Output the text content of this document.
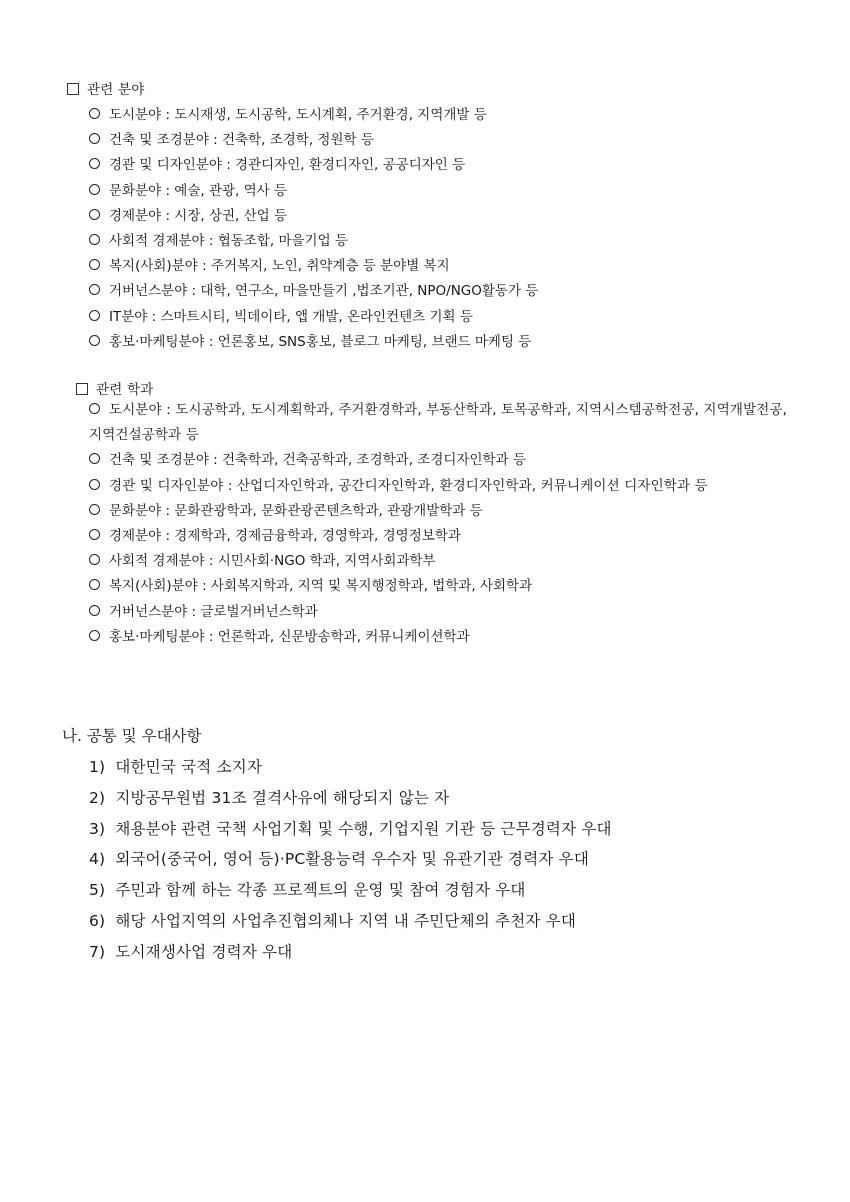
관련 분야
도시분야 : 도시재생, 도시공학, 도시계획, 주거환경, 지역개발 등
건축 및 조경분야 : 건축학, 조경학, 정원학 등
경관 및 디자인분야 : 경관디자인, 환경디자인, 공공디자인 등
문화분야 : 예술, 관광, 역사 등
경제분야 : 시장, 상권, 산업 등
사회적 경제분야 : 협동조합, 마을기업 등
복지(사회)분야 : 주거복지, 노인, 취약계층 등 분야별 복지
거버넌스분야 : 대학, 연구소, 마을만들기 ,법조기관, NPO/NGO활동가 등
IT분야 : 스마트시티, 빅데이타, 앱 개발, 온라인컨텐츠 기획 등
홍보·마케팅분야 : 언론홍보, SNS홍보, 블로그 마케팅, 브랜드 마케팅 등
관련 학과
도시분야 : 도시공학과, 도시계획학과, 주거환경학과, 부동산학과, 토목공학과, 지역시스템공학전공, 지역개발전공, 지역건설공학과 등
건축 및 조경분야 : 건축학과, 건축공학과, 조경학과, 조경디자인학과 등
경관 및 디자인분야 : 산업디자인학과, 공간디자인학과, 환경디자인학과, 커뮤니케이션 디자인학과 등
문화분야 : 문화관광학과, 문화관광콘텐츠학과, 관광개발학과 등
경제분야 : 경제학과, 경제금융학과, 경영학과, 경영정보학과
사회적 경제분야 : 시민사회·NGO 학과, 지역사회과학부
복지(사회)분야 : 사회복지학과, 지역 및 복지행정학과, 법학과, 사회학과
거버넌스분야 : 글로벌거버넌스학과
홍보·마케팅분야 : 언론학과, 신문방송학과, 커뮤니케이션학과
나. 공통 및 우대사항
1) 대한민국 국적 소지자
2) 지방공무원법 31조 결격사유에 해당되지 않는 자
3) 채용분야 관련 국책 사업기획 및 수행, 기업지원 기관 등 근무경력자 우대
4) 외국어(중국어, 영어 등)·PC활용능력 우수자 및 유관기관 경력자 우대
5) 주민과 함께 하는 각종 프로젝트의 운영 및 참여 경험자 우대
6) 해당 사업지역의 사업추진협의체나 지역 내 주민단체의 추천자 우대
7) 도시재생사업 경력자 우대
